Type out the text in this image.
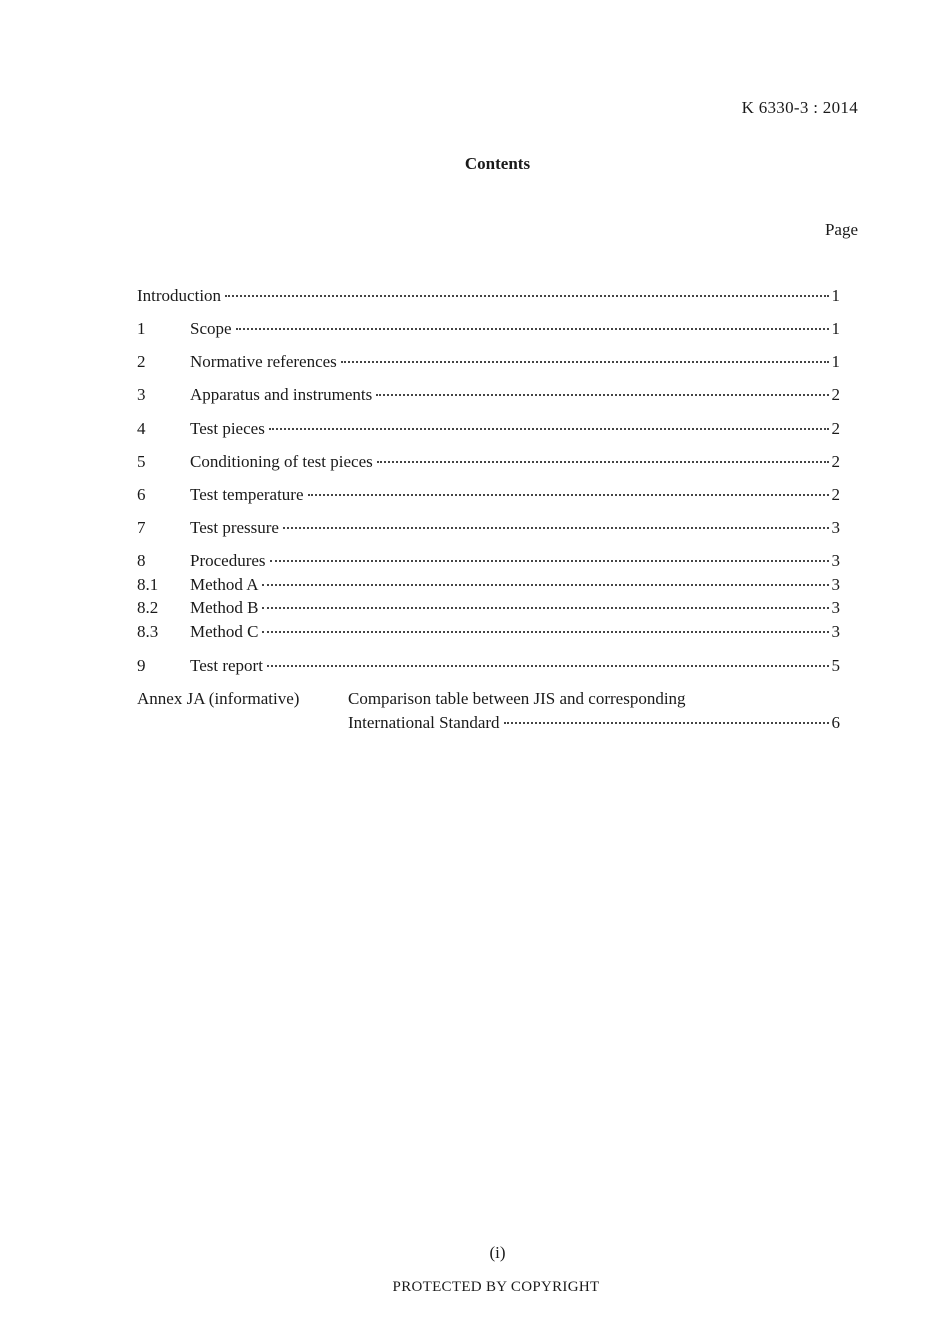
K 6330-3 : 2014
Contents
Page
Introduction	1
1	Scope	1
2	Normative references	1
3	Apparatus and instruments	2
4	Test pieces	2
5	Conditioning of test pieces	2
6	Test temperature	2
7	Test pressure	3
8	Procedures	3
8.1	Method A	3
8.2	Method B	3
8.3	Method C	3
9	Test report	5
Annex JA (informative)	Comparison table between JIS and corresponding
International Standard	6
(i)
PROTECTED BY COPYRIGHT
